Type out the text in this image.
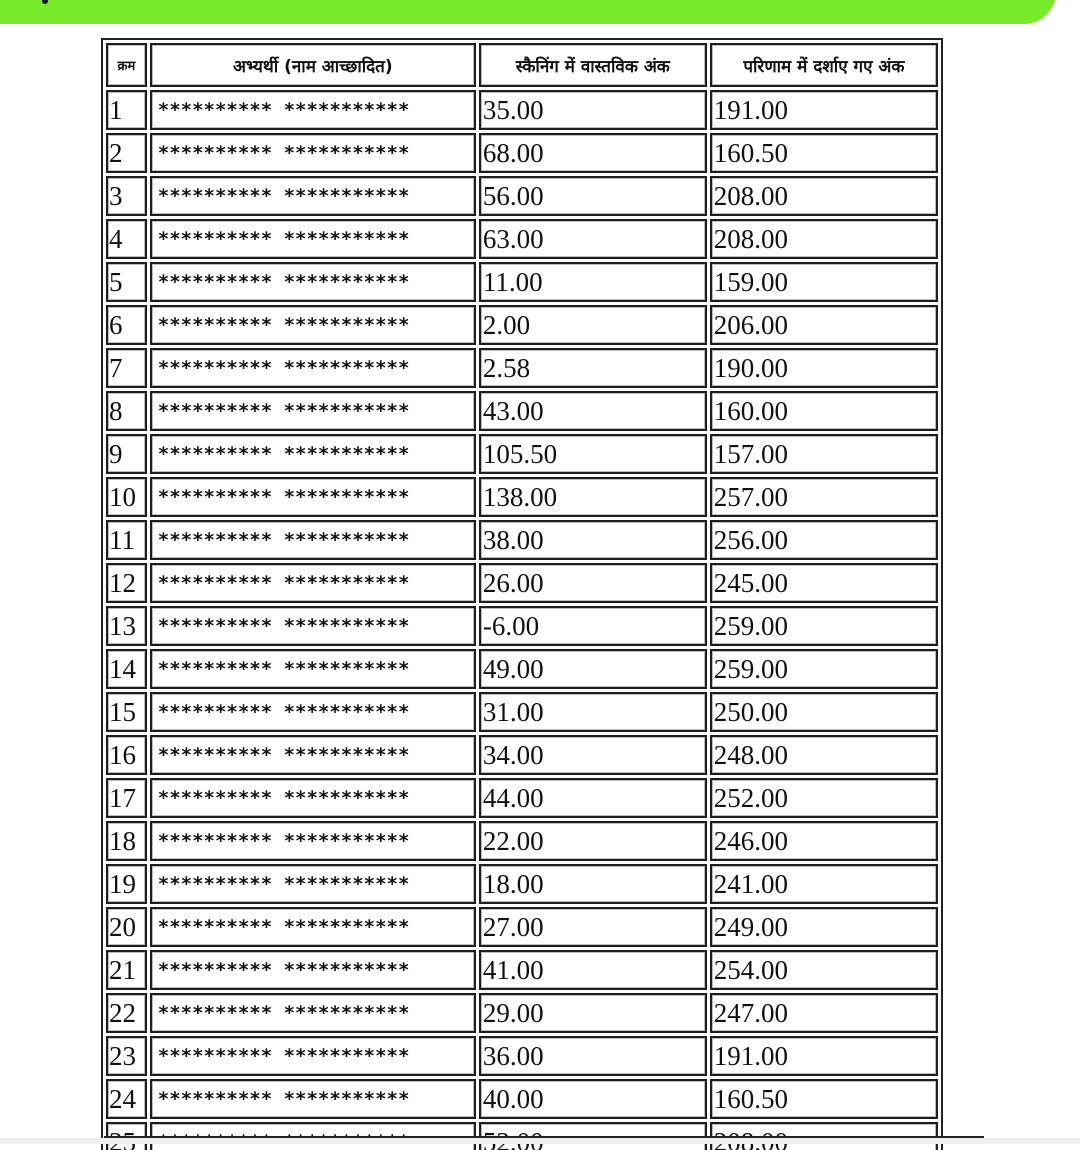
क्रम	अभ्यर्थी (नाम आच्छादित)	स्कैनिंग में वास्तविक अंक	परिणाम में दर्शाए गए अंक
1	********** ***********	35.00	191.00
2	********** ***********	68.00	160.50
3	********** ***********	56.00	208.00
4	********** ***********	63.00	208.00
5	********** ***********	11.00	159.00
6	********** ***********	2.00	206.00
7	********** ***********	2.58	190.00
8	********** ***********	43.00	160.00
9	********** ***********	105.50	157.00
10	********** ***********	138.00	257.00
11	********** ***********	38.00	256.00
12	********** ***********	26.00	245.00
13	********** ***********	-6.00	259.00
14	********** ***********	49.00	259.00
15	********** ***********	31.00	250.00
16	********** ***********	34.00	248.00
17	********** ***********	44.00	252.00
18	********** ***********	22.00	246.00
19	********** ***********	18.00	241.00
20	********** ***********	27.00	249.00
21	********** ***********	41.00	254.00
22	********** ***********	29.00	247.00
23	********** ***********	36.00	191.00
24	********** ***********	40.00	160.50
